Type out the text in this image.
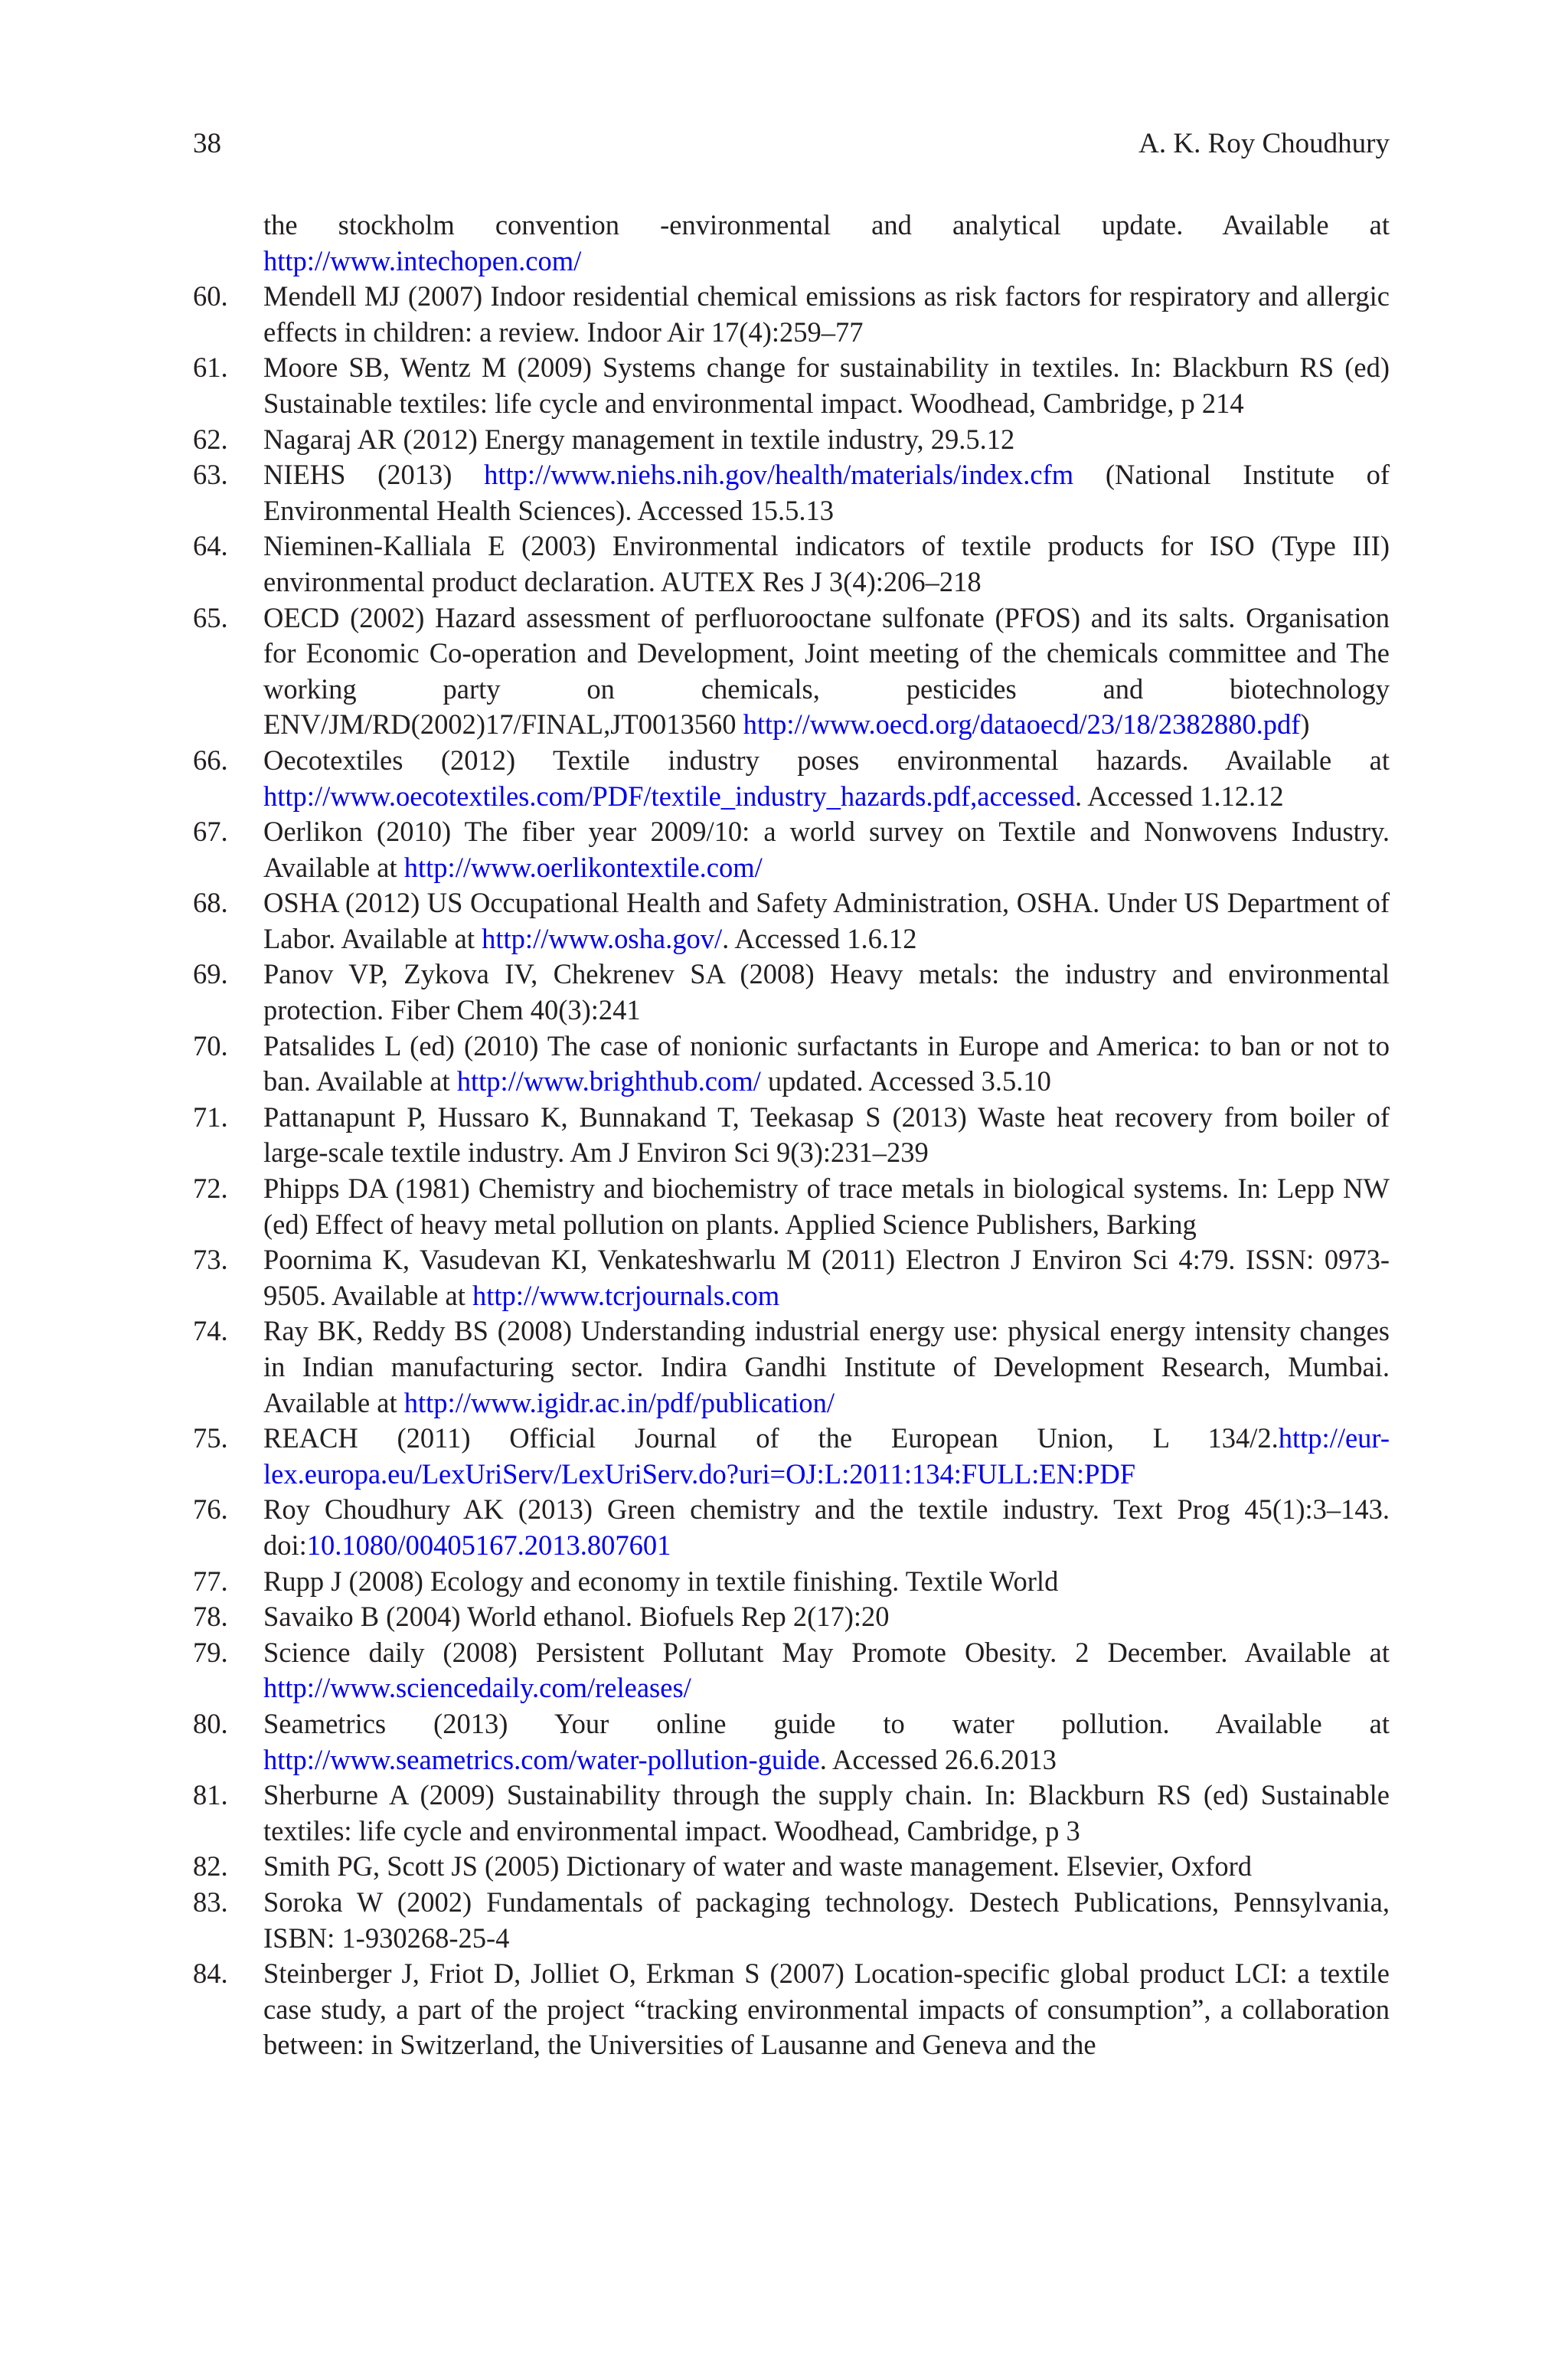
38	A. K. Roy Choudhury
the stockholm convention -environmental and analytical update. Available at http://www.intechopen.com/
60.	Mendell MJ (2007) Indoor residential chemical emissions as risk factors for respiratory and allergic effects in children: a review. Indoor Air 17(4):259–77
61.	Moore SB, Wentz M (2009) Systems change for sustainability in textiles. In: Blackburn RS (ed) Sustainable textiles: life cycle and environmental impact. Woodhead, Cambridge, p 214
62.	Nagaraj AR (2012) Energy management in textile industry, 29.5.12
63.	NIEHS (2013) http://www.niehs.nih.gov/health/materials/index.cfm (National Institute of Environmental Health Sciences). Accessed 15.5.13
64.	Nieminen-Kalliala E (2003) Environmental indicators of textile products for ISO (Type III) environmental product declaration. AUTEX Res J 3(4):206–218
65.	OECD (2002) Hazard assessment of perfluorooctane sulfonate (PFOS) and its salts. Organisation for Economic Co-operation and Development, Joint meeting of the chemicals committee and The working party on chemicals, pesticides and biotechnology ENV/JM/RD(2002)17/FINAL,JT0013560 http://www.oecd.org/dataoecd/23/18/2382880.pdf)
66.	Oecotextiles (2012) Textile industry poses environmental hazards. Available at http://www.oecotextiles.com/PDF/textile_industry_hazards.pdf,accessed. Accessed 1.12.12
67.	Oerlikon (2010) The fiber year 2009/10: a world survey on Textile and Nonwovens Industry. Available at http://www.oerlikontextile.com/
68.	OSHA (2012) US Occupational Health and Safety Administration, OSHA. Under US Department of Labor. Available at http://www.osha.gov/. Accessed 1.6.12
69.	Panov VP, Zykova IV, Chekrenev SA (2008) Heavy metals: the industry and environmental protection. Fiber Chem 40(3):241
70.	Patsalides L (ed) (2010) The case of nonionic surfactants in Europe and America: to ban or not to ban. Available at http://www.brighthub.com/ updated. Accessed 3.5.10
71.	Pattanapunt P, Hussaro K, Bunnakand T, Teekasap S (2013) Waste heat recovery from boiler of large-scale textile industry. Am J Environ Sci 9(3):231–239
72.	Phipps DA (1981) Chemistry and biochemistry of trace metals in biological systems. In: Lepp NW (ed) Effect of heavy metal pollution on plants. Applied Science Publishers, Barking
73.	Poornima K, Vasudevan KI, Venkateshwarlu M (2011) Electron J Environ Sci 4:79. ISSN: 0973-9505. Available at http://www.tcrjournals.com
74.	Ray BK, Reddy BS (2008) Understanding industrial energy use: physical energy intensity changes in Indian manufacturing sector. Indira Gandhi Institute of Development Research, Mumbai. Available at http://www.igidr.ac.in/pdf/publication/
75.	REACH (2011) Official Journal of the European Union, L 134/2.http://eur-lex.europa.eu/LexUriServ/LexUriServ.do?uri=OJ:L:2011:134:FULL:EN:PDF
76.	Roy Choudhury AK (2013) Green chemistry and the textile industry. Text Prog 45(1):3–143. doi:10.1080/00405167.2013.807601
77.	Rupp J (2008) Ecology and economy in textile finishing. Textile World
78.	Savaiko B (2004) World ethanol. Biofuels Rep 2(17):20
79.	Science daily (2008) Persistent Pollutant May Promote Obesity. 2 December. Available at http://www.sciencedaily.com/releases/
80.	Seametrics (2013) Your online guide to water pollution. Available at http://www.seametrics.com/water-pollution-guide. Accessed 26.6.2013
81.	Sherburne A (2009) Sustainability through the supply chain. In: Blackburn RS (ed) Sustainable textiles: life cycle and environmental impact. Woodhead, Cambridge, p 3
82.	Smith PG, Scott JS (2005) Dictionary of water and waste management. Elsevier, Oxford
83.	Soroka W (2002) Fundamentals of packaging technology. Destech Publications, Pennsylvania, ISBN: 1-930268-25-4
84.	Steinberger J, Friot D, Jolliet O, Erkman S (2007) Location-specific global product LCI: a textile case study, a part of the project “tracking environmental impacts of consumption”, a collaboration between: in Switzerland, the Universities of Lausanne and Geneva and the
